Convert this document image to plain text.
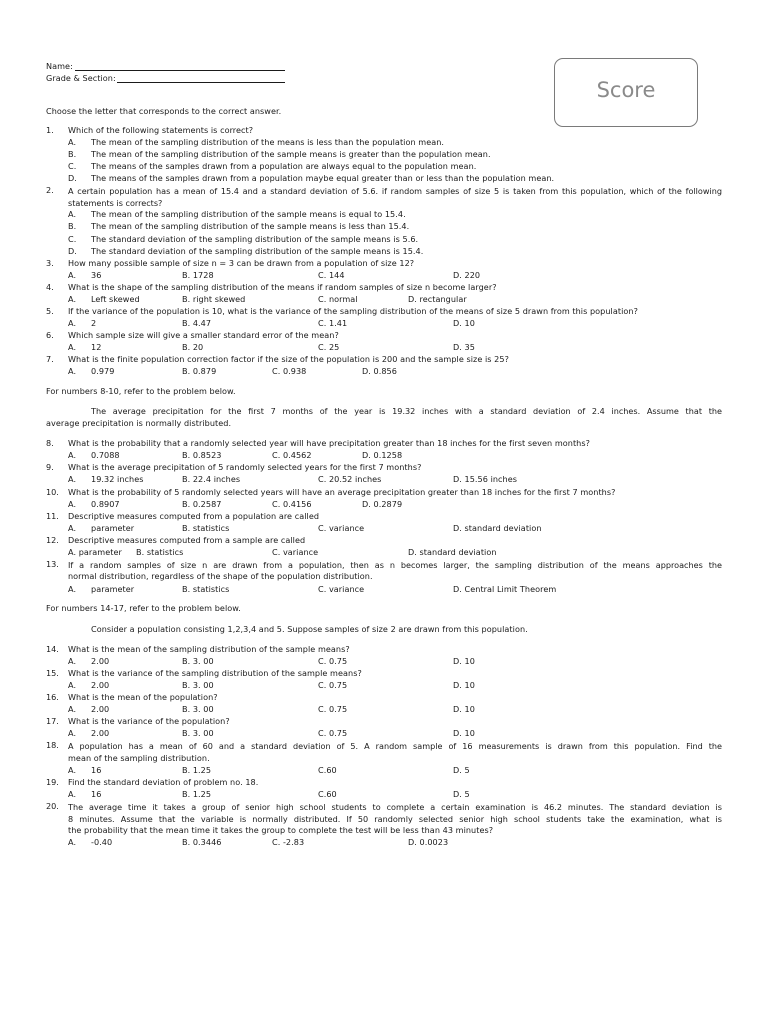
Name:
Grade & Section:	Score
Choose the letter that corresponds to the correct answer.
1. Which of the following statements is correct?
A. The mean of the sampling distribution of the means is less than the population mean.
B. The mean of the sampling distribution of the sample means is greater than the population mean.
C. The means of the samples drawn from a population are always equal to the population mean.
D. The means of the samples drawn from a population maybe equal greater than or less than the population mean.
2. A certain population has a mean of 15.4 and a standard deviation of 5.6. if random samples of size 5 is taken from this population, which of the following statements is corrects?
A. The mean of the sampling distribution of the sample means is equal to 15.4.
B. The mean of the sampling distribution of the sample means is less than 15.4.
C. The standard deviation of the sampling distribution of the sample means is 5.6.
D. The standard deviation of the sampling distribution of the sample means is 15.4.
3. How many possible sample of size n = 3 can be drawn from a population of size 12?
A. 36	B. 1728	C. 144	D. 220
4. What is the shape of the sampling distribution of the means if random samples of size n become larger?
A. Left skewed	B. right skewed	C. normal	D. rectangular
5. If the variance of the population is 10, what is the variance of the sampling distribution of the means of size 5 drawn from this population?
A. 2	B. 4.47	C. 1.41	D. 10
6. Which sample size will give a smaller standard error of the mean?
A. 12	B. 20	C. 25	D. 35
7. What is the finite population correction factor if the size of the population is 200 and the sample size is 25?
A. 0.979	B. 0.879	C. 0.938	D. 0.856
For numbers 8-10, refer to the problem below.
The average precipitation for the first 7 months of the year is 19.32 inches with a standard deviation of 2.4 inches. Assume that the
average precipitation is normally distributed.
8. What is the probability that a randomly selected year will have precipitation greater than 18 inches for the first seven months?
A. 0.7088	B. 0.8523	C. 0.4562	D. 0.1258
9. What is the average precipitation of 5 randomly selected years for the first 7 months?
A. 19.32 inches	B. 22.4 inches	C. 20.52 inches	D. 15.56 inches
10. What is the probability of 5 randomly selected years will have an average precipitation greater than 18 inches for the first 7 months?
A. 0.8907	B. 0.2587	C. 0.4156	D. 0.2879
11. Descriptive measures computed from a population are called
A. parameter	B. statistics	C. variance	D. standard deviation
12. Descriptive measures computed from a sample are called
A. parameter B. statistics	C. variance	D. standard deviation
13. If a random samples of size n are drawn from a population, then as n becomes larger, the sampling distribution of the means approaches the
normal distribution, regardless of the shape of the population distribution.
A. parameter	B. statistics	C. variance	D. Central Limit Theorem
For numbers 14-17, refer to the problem below.
Consider a population consisting 1,2,3,4 and 5. Suppose samples of size 2 are drawn from this population.
14. What is the mean of the sampling distribution of the sample means?
A. 2.00	B. 3. 00	C. 0.75	D. 10
15. What is the variance of the sampling distribution of the sample means?
A. 2.00	B. 3. 00	C. 0.75	D. 10
16. What is the mean of the population?
A. 2.00	B. 3. 00	C. 0.75	D. 10
17. What is the variance of the population?
A. 2.00	B. 3. 00	C. 0.75	D. 10
18. A population has a mean of 60 and a standard deviation of 5. A random sample of 16 measurements is drawn from this population. Find the
mean of the sampling distribution.
A. 16	B. 1.25	C.60	D. 5
19. Find the standard deviation of problem no. 18.
A. 16	B. 1.25	C.60	D. 5
20. The average time it takes a group of senior high school students to complete a certain examination is 46.2 minutes. The standard deviation is
8 minutes. Assume that the variable is normally distributed. If 50 randomly selected senior high school students take the examination, what is
the probability that the mean time it takes the group to complete the test will be less than 43 minutes?
A. -0.40	B. 0.3446	C. -2.83	D. 0.0023
